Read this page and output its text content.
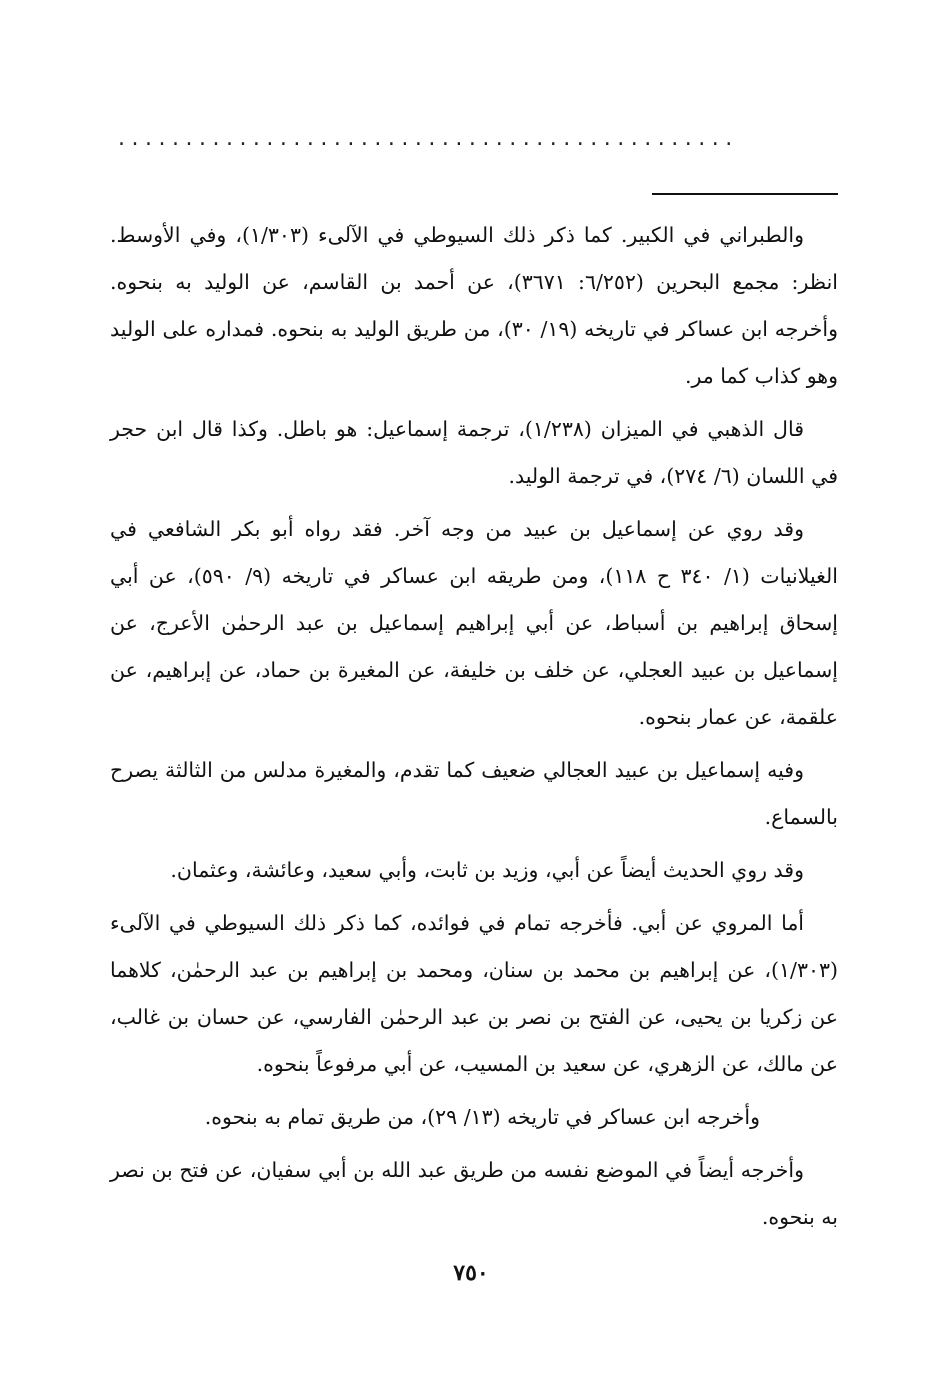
..............................................

والطبراني في الكبير. كما ذكر ذلك السيوطي في الآلىء (١/٣٠٣)، وفي الأوسط. انظر: مجمع البحرين (٦/٢٥٢: ٣٦٧١)، عن أحمد بن القاسم، عن الوليد به بنحوه. وأخرجه ابن عساكر في تاريخه (١٩/ ٣٠)، من طريق الوليد به بنحوه. فمداره على الوليد وهو كذاب كما مر.

قال الذهبي في الميزان (١/٢٣٨)، ترجمة إسماعيل: هو باطل. وكذا قال ابن حجر في اللسان (٦/ ٢٧٤)، في ترجمة الوليد.

وقد روي عن إسماعيل بن عبيد من وجه آخر. فقد رواه أبو بكر الشافعي في الغيلانيات (١/ ٣٤٠ ح ١١٨)، ومن طريقه ابن عساكر في تاريخه (٩/ ٥٩٠)، عن أبي إسحاق إبراهيم بن أسباط، عن أبي إبراهيم إسماعيل بن عبد الرحمٰن الأعرج، عن إسماعيل بن عبيد العجلي، عن خلف بن خليفة، عن المغيرة بن حماد، عن إبراهيم، عن علقمة، عن عمار بنحوه.

وفيه إسماعيل بن عبيد العجالي ضعيف كما تقدم، والمغيرة مدلس من الثالثة يصرح بالسماع.

وقد روي الحديث أيضاً عن أبي، وزيد بن ثابت، وأبي سعيد، وعائشة، وعثمان.

أما المروي عن أبي. فأخرجه تمام في فوائده، كما ذكر ذلك السيوطي في الآلىء (١/٣٠٣)، عن إبراهيم بن محمد بن سنان، ومحمد بن إبراهيم بن عبد الرحمٰن، كلاهما عن زكريا بن يحيى، عن الفتح بن نصر بن عبد الرحمٰن الفارسي، عن حسان بن غالب، عن مالك، عن الزهري، عن سعيد بن المسيب، عن أبي مرفوعاً بنحوه.

وأخرجه ابن عساكر في تاريخه (١٣/ ٢٩)، من طريق تمام به بنحوه.

وأخرجه أيضاً في الموضع نفسه من طريق عبد الله بن أبي سفيان، عن فتح بن نصر به بنحوه.

٧٥٠
